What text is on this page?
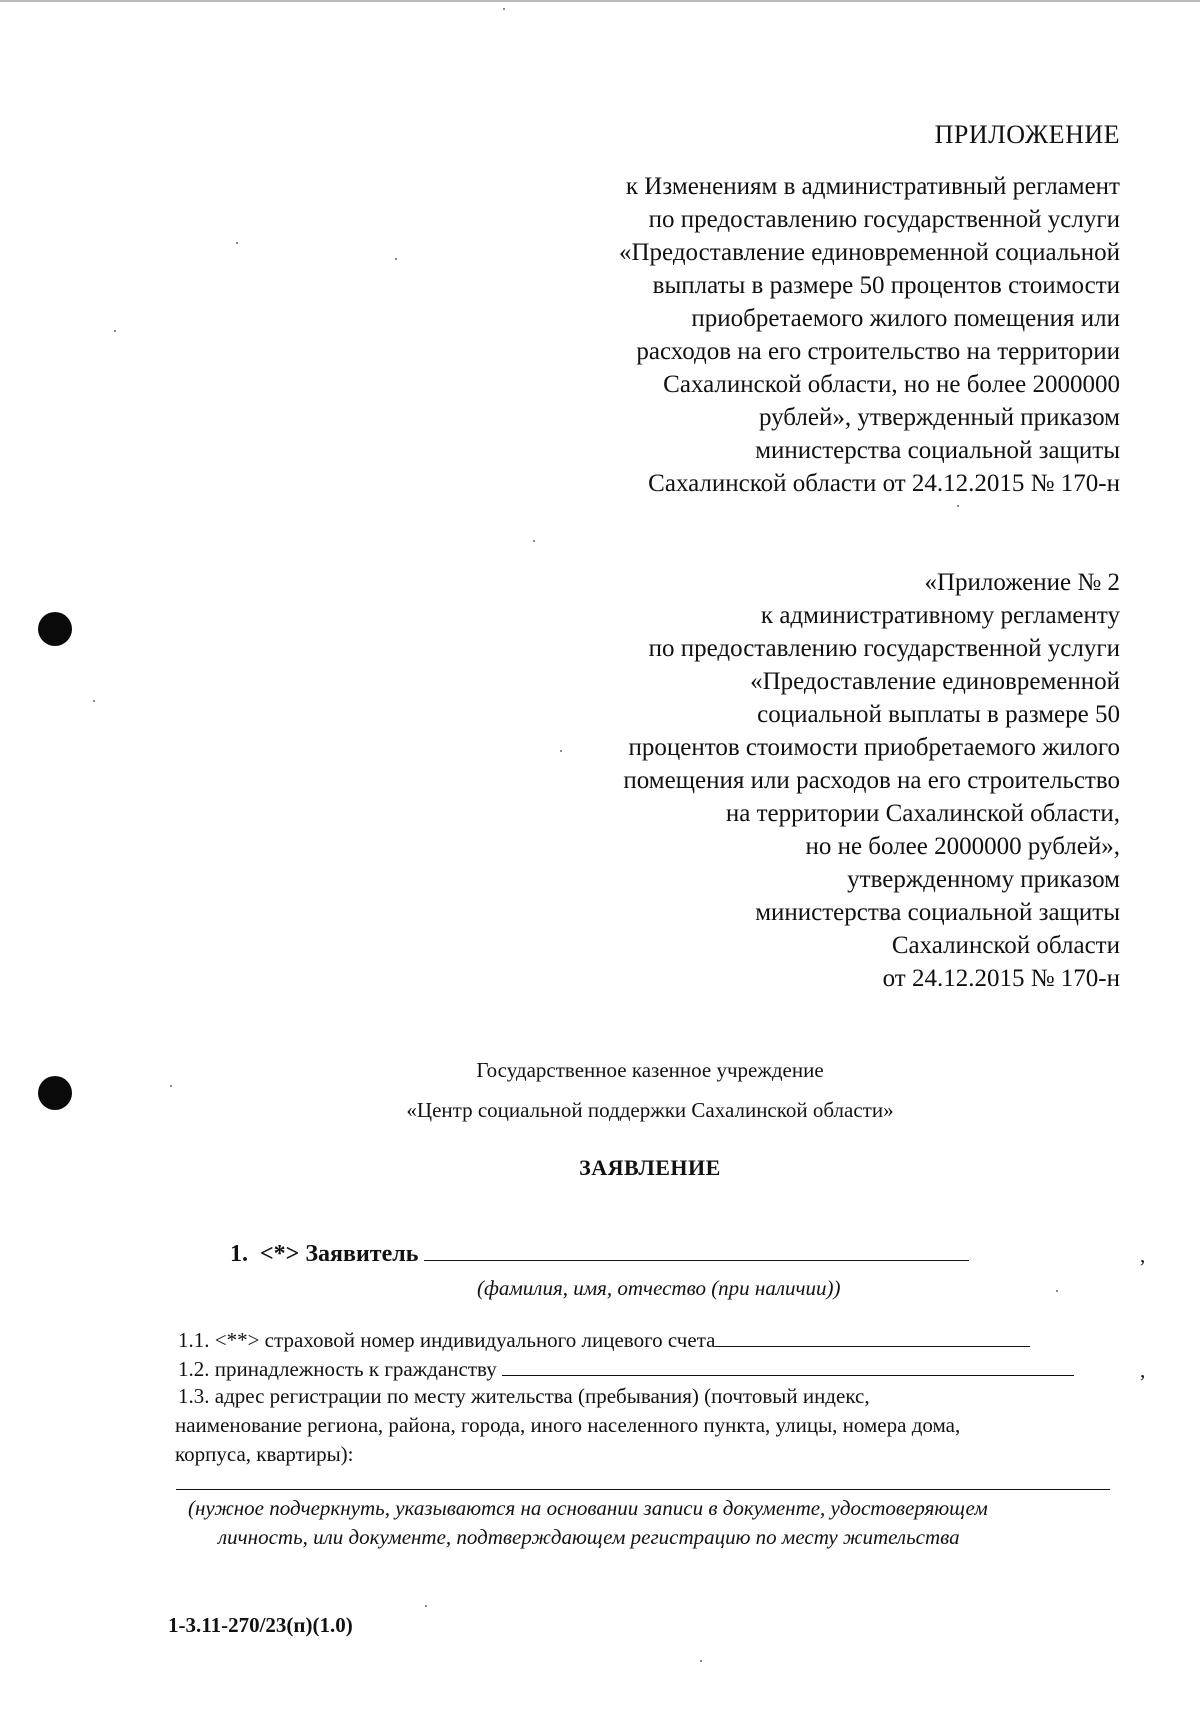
ПРИЛОЖЕНИЕ
к Изменениям в административный регламент
по предоставлению государственной услуги
«Предоставление единовременной социальной
выплаты в размере 50 процентов стоимости
приобретаемого жилого помещения или
расходов на его строительство на территории
Сахалинской области, но не более 2000000
рублей», утвержденный приказом
министерства социальной защиты
Сахалинской области от 24.12.2015 № 170-н
«Приложение № 2
к административному регламенту
по предоставлению государственной услуги
«Предоставление единовременной
социальной выплаты в размере 50
процентов стоимости приобретаемого жилого
помещения или расходов на его строительство
на территории Сахалинской области,
но не более 2000000 рублей»,
утвержденному приказом
министерства социальной защиты
Сахалинской области
от 24.12.2015 № 170-н
Государственное казенное учреждение
«Центр социальной поддержки Сахалинской области»
ЗАЯВЛЕНИЕ
1. <*> Заявитель	,
(фамилия, имя, отчество (при наличии))
1.1. <**> страховой номер индивидуального лицевого счета
1.2. принадлежность к гражданству	,
1.3. адрес регистрации по месту жительства (пребывания) (почтовый индекс,
наименование региона, района, города, иного населенного пункта, улицы, номера дома,
корпуса, квартиры):
(нужное подчеркнуть, указываются на основании записи в документе, удостоверяющем
личность, или документе, подтверждающем регистрацию по месту жительства
1-3.11-270/23(п)(1.0)
